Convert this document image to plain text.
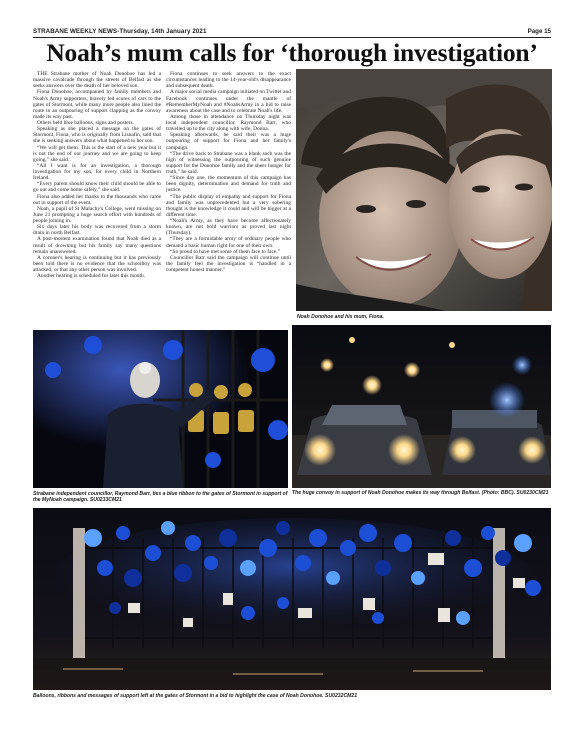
STRABANE WEEKLY NEWS-Thursday, 14th January 2021	Page 15
Noah’s mum calls for ‘thorough investigation’

THE Strabane mother of Noah Donohoe has led a massive cavalcade through the streets of Belfast as she seeks answers over the death of her beloved son.

Fiona Donohoe, accompanied by family members and Noah's Army supporters, bravely led scores of cars to the gates of Stormont, while many more people also lined the route in an outpouring of support clapping as the convoy made its way past.

Others held blue balloons, signs and posters.

Speaking as she placed a message on the gates of Stormont, Fiona, who is originally from Lisnafin, said that she is seeking answers about what happened to her son.

“We will get them. This is the start of a new year but it is not the end of our journey and we are going to keep going,” she said.

“All I want is for an investigation, a thorough investigation for my son, for every child in Northern Ireland.

“Every parent should know their child should be able to go out and come home safely,” she said.

Fiona also added her thanks to the thousands who came out in support of the event.

Noah, a pupil of St Malachy's College, went missing on June 21 prompting a huge search effort with hundreds of people joining in.

Six days later his body was recovered from a storm drain in north Belfast.

A post-mortem examination found that Noah died as a result of drowning but his family say many questions remain unanswered.

A coroner's hearing is continuing but it has previously been told there is no evidence that the schoolboy was attacked, or that any other person was involved.

Another hearing is scheduled for later this month.

Fiona continues to seek answers to the exact circumstances leading to the 14-year-old's disappearance and subsequent death.

A major social media campaign initiated on Twitter and Facebook continues under the mantle of #RememberMyNoah and #NoahsArmy in a bid to raise awareness about the case and to celebrate Noah's life.

Among those in attendance on Thursday night was local independent councillor, Raymond Barr, who travelled up to the city along with wife, Donna.

Speaking afterwards, he said their was a huge outpouring of support for Fiona and her family's campaign.

“The drive back to Strabane was a blank such was the high of witnessing the outpouring of such genuine support for the Donohoe family and the sheer hunger for truth,” he said.

“Since day one, the momentum of this campaign has been dignity, determination and demand for truth and justice.

“The public display of empathy and support for Fiona and family was unprecedented but a very sobering thought is the knowledge it could and will be bigger at a different time.

“Noah's Army, as they have become affectionately known, are not bold warriors as proved last night (Thursday).

“They are a formidable army of ordinary people who demand a basic human right for one of their own.

“So proud to have met some of them face to face.”

Councillor Barr said the campaign will continue until the family feel the investigation is “handled in a competent honest manner.”

Noah Donohoe and his mum, Fiona.
Strabane independent councillor, Raymond Barr, ties a blue ribbon to the gates of Stormont in support of the MyNoah campaign. SU0233CM21
The huge convoy in support of Noah Donohoe makes its way through Belfast. (Photo: BBC). SU0230CM21
Balloons, ribbons and messages of support left at the gates of Stormont in a bid to highlight the case of Noah Donohoe. SU0232CM21
